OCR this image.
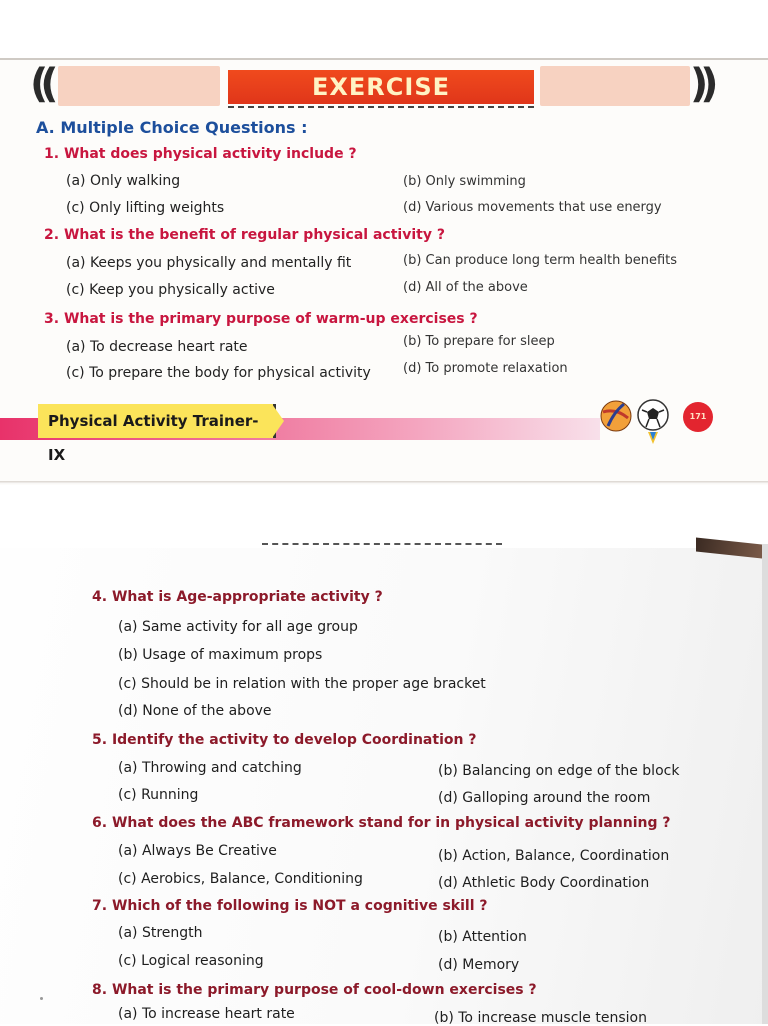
((	))
EXERCISE
A. Multiple Choice Questions :
1. What does physical activity include ?
(a) Only walking	(b) Only swimming
(c) Only lifting weights	(d) Various movements that use energy
2. What is the benefit of regular physical activity ?
(a) Keeps you physically and mentally fit	(b) Can produce long term health benefits
(c) Keep you physically active	(d) All of the above
3. What is the primary purpose of warm-up exercises ?
(a) To decrease heart rate	(b) To prepare for sleep
(c) To prepare the body for physical activity (d) To promote relaxation
Physical Activity Trainer-IX
171
4. What is Age-appropriate activity ?
(a) Same activity for all age group
(b) Usage of maximum props
(c) Should be in relation with the proper age bracket
(d) None of the above
5. Identify the activity to develop Coordination ?
(a) Throwing and catching	(b) Balancing on edge of the block
(c) Running	(d) Galloping around the room
6. What does the ABC framework stand for in physical activity planning ?
(a) Always Be Creative	(b) Action, Balance, Coordination
(c) Aerobics, Balance, Conditioning	(d) Athletic Body Coordination
7. Which of the following is NOT a cognitive skill ?
(a) Strength	(b) Attention
(c) Logical reasoning	(d) Memory
8. What is the primary purpose of cool-down exercises ?
(a) To increase heart rate	(b) To increase muscle tension
